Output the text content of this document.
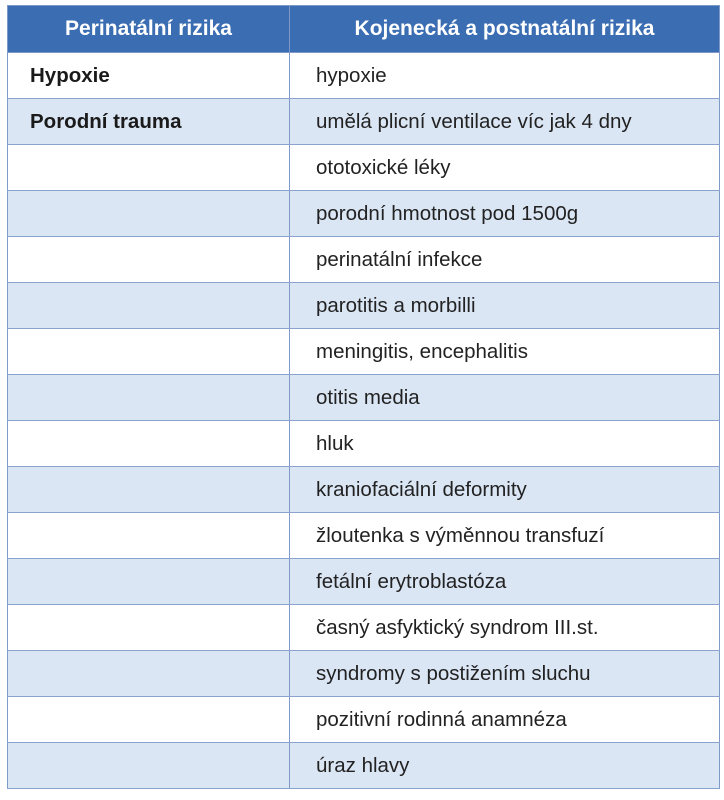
Perinatální rizika	Kojenecká a postnatální rizika
Hypoxie	hypoxie
Porodní trauma	umělá plicní ventilace víc jak 4 dny
	ototoxické léky
	porodní hmotnost pod 1500g
	perinatální infekce
	parotitis a morbilli
	meningitis, encephalitis
	otitis media
	hluk
	kraniofaciální deformity
	žloutenka s výměnnou transfuzí
	fetální erytroblastóza
	časný asfyktický syndrom III.st.
	syndromy s postižením sluchu
	pozitivní rodinná anamnéza
	úraz hlavy
